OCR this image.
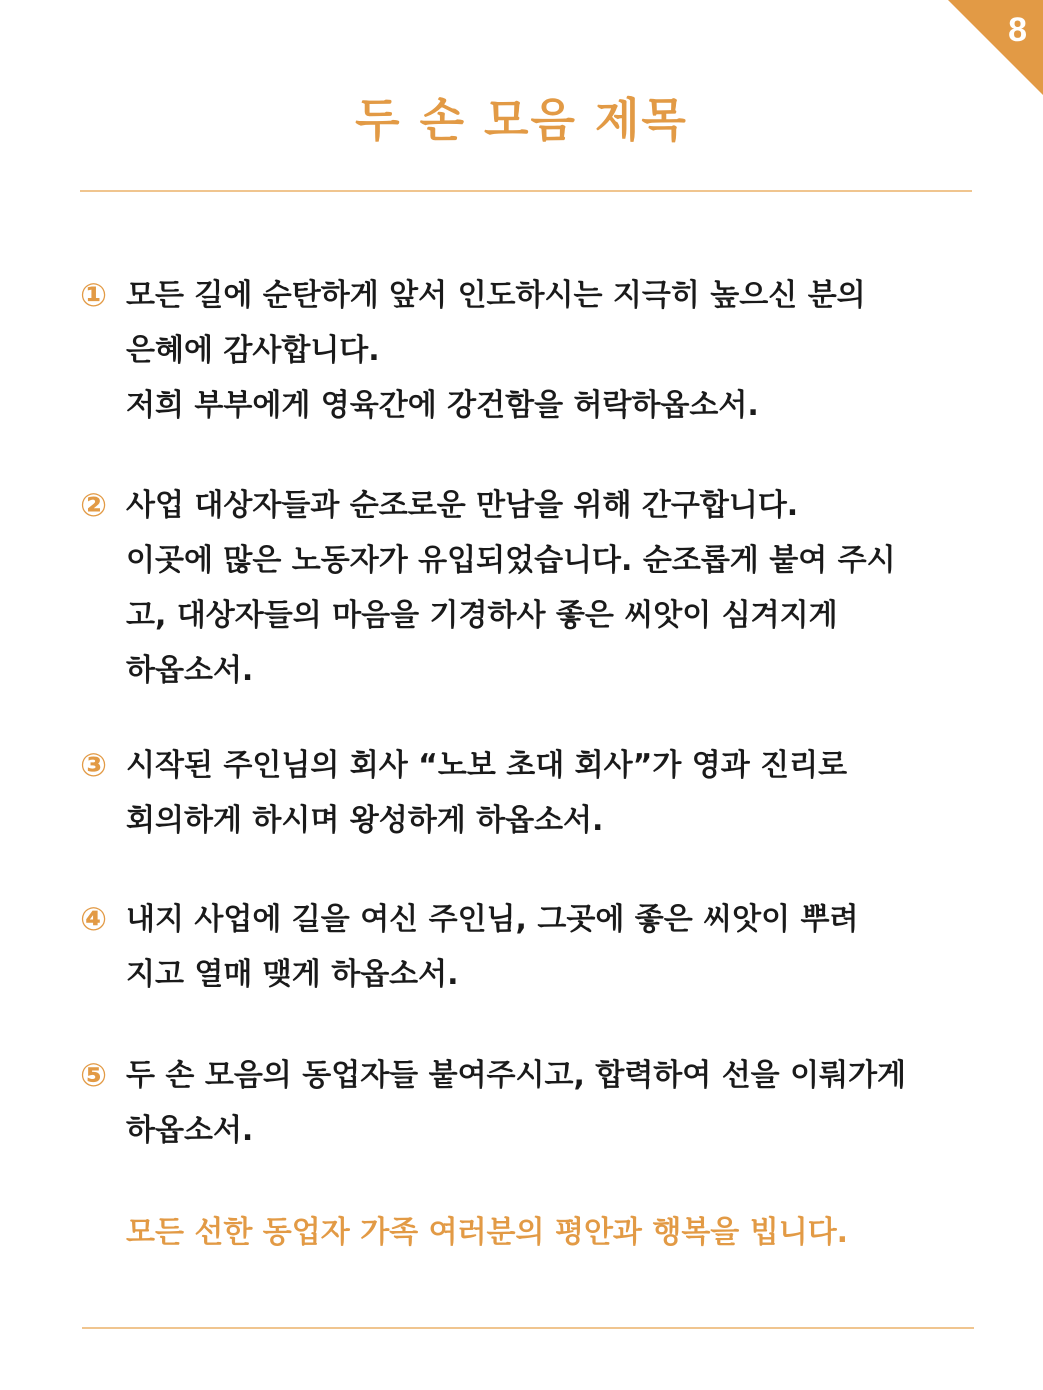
8
두 손 모음 제목
① 모든 길에 순탄하게 앞서 인도하시는 지극히 높으신 분의
은혜에 감사합니다.
저희 부부에게 영육간에 강건함을 허락하옵소서.
② 사업 대상자들과 순조로운 만남을 위해 간구합니다.
이곳에 많은 노동자가 유입되었습니다. 순조롭게 붙여 주시
고, 대상자들의 마음을 기경하사 좋은 씨앗이 심겨지게
하옵소서.
③ 시작된 주인님의 회사 “노보 초대 회사”가 영과 진리로
회의하게 하시며 왕성하게 하옵소서.
④ 내지 사업에 길을 여신 주인님, 그곳에 좋은 씨앗이 뿌려
지고 열매 맺게 하옵소서.
⑤ 두 손 모음의 동업자들 붙여주시고, 합력하여 선을 이뤄가게
하옵소서.
모든 선한 동업자 가족 여러분의 평안과 행복을 빕니다.
